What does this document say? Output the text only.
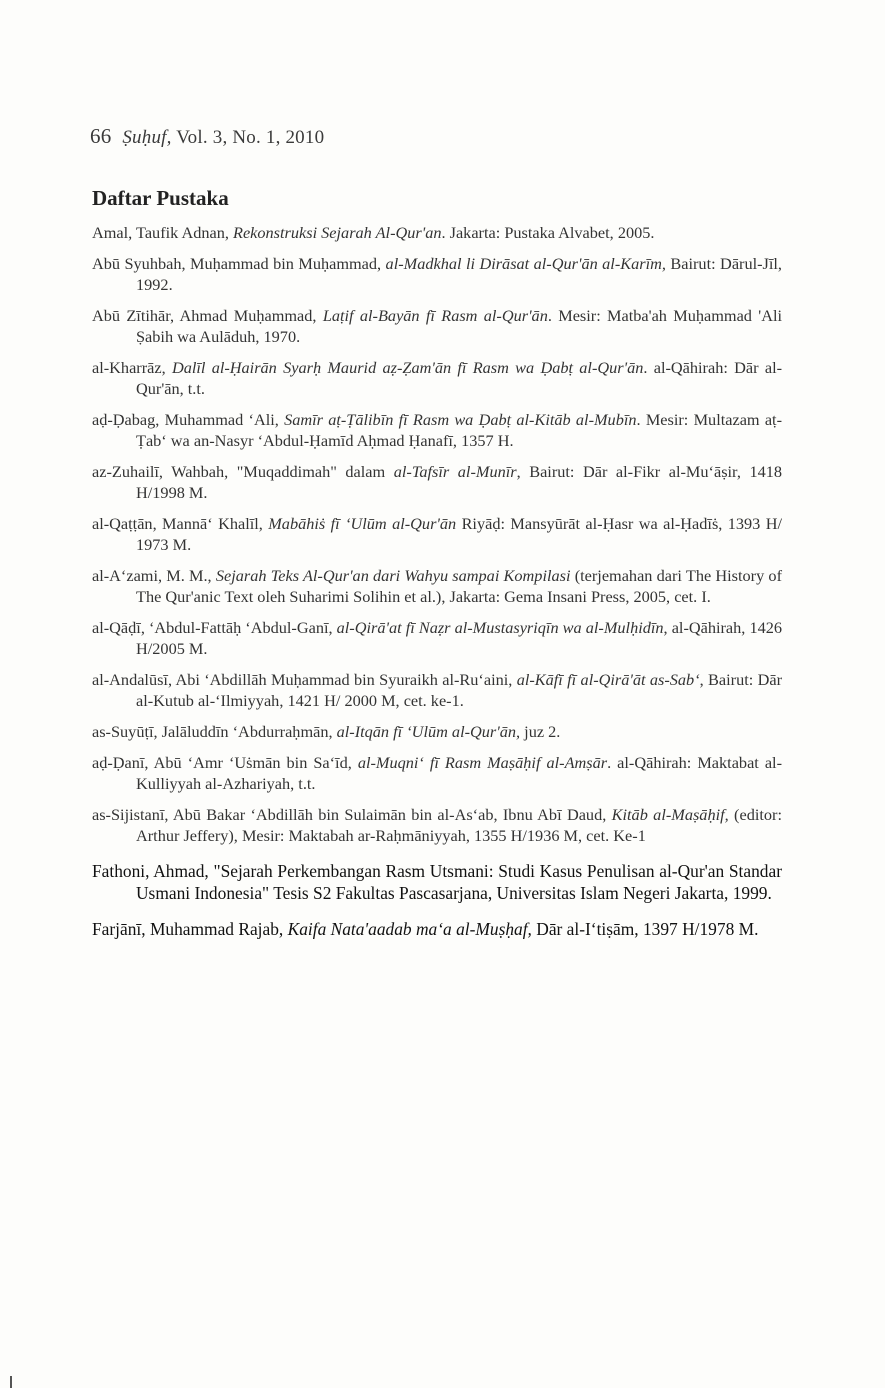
66 Ṣuḥuf, Vol. 3, No. 1, 2010
Daftar Pustaka
Amal, Taufik Adnan, Rekonstruksi Sejarah Al-Qur'an. Jakarta: Pustaka Alvabet, 2005.
Abū Syuhbah, Muḥammad bin Muḥammad, al-Madkhal li Dirāsat al-Qur'ān al-Karīm, Bairut: Dārul-Jīl, 1992.
Abū Zītihār, Ahmad Muḥammad, Laṭif al-Bayān fī Rasm al-Qur'ān. Mesir: Matba'ah Muḥammad 'Ali Ṣabih wa Aulāduh, 1970.
al-Kharrāz, Dalīl al-Ḥairān Syarḥ Maurid aẓ-Ẓam'ān fī Rasm wa Ḍabṭ al-Qur'ān. al-Qāhirah: Dār al-Qur'ān, t.t.
aḍ-Ḍabag, Muhammad ‘Ali, Samīr aṭ-Ṭālibīn fī Rasm wa Ḍabṭ al-Kitāb al-Mubīn. Mesir: Multazam aṭ-Ṭab‘ wa an-Nasyr ‘Abdul-Ḥamīd Aḥmad Ḥanafī, 1357 H.
az-Zuhailī, Wahbah, "Muqaddimah" dalam al-Tafsīr al-Munīr, Bairut: Dār al-Fikr al-Mu‘āṣir, 1418 H/1998 M.
al-Qaṭṭān, Mannā‘ Khalīl, Mabāhiṡ fī ‘Ulūm al-Qur'ān Riyāḍ: Mansyūrāt al-Ḥasr wa al-Ḥadīṡ, 1393 H/ 1973 M.
al-A‘zami, M. M., Sejarah Teks Al-Qur'an dari Wahyu sampai Kompilasi (terjemahan dari The History of The Qur'anic Text oleh Suharimi Solihin et al.), Jakarta: Gema Insani Press, 2005, cet. I.
al-Qāḍī, ‘Abdul-Fattāḥ ‘Abdul-Ganī, al-Qirā'at fī Naẓr al-Mustasyriqīn wa al-Mulḥidīn, al-Qāhirah, 1426 H/2005 M.
al-Andalūsī, Abi ‘Abdillāh Muḥammad bin Syuraikh al-Ru‘aini, al-Kāfī fī al-Qirā'āt as-Sab‘, Bairut: Dār al-Kutub al-‘Ilmiyyah, 1421 H/ 2000 M, cet. ke-1.
as-Suyūṭī, Jalāluddīn ‘Abdurraḥmān, al-Itqān fī ‘Ulūm al-Qur'ān, juz 2.
aḍ-Ḍanī, Abū ‘Amr ‘Uṡmān bin Sa‘īd, al-Muqni‘ fī Rasm Maṣāḥif al-Amṣār. al-Qāhirah: Maktabat al-Kulliyyah al-Azhariyah, t.t.
as-Sijistanī, Abū Bakar ‘Abdillāh bin Sulaimān bin al-As‘ab, Ibnu Abī Daud, Kitāb al-Maṣāḥif, (editor: Arthur Jeffery), Mesir: Maktabah ar-Raḥmāniyyah, 1355 H/1936 M, cet. Ke-1
Fathoni, Ahmad, "Sejarah Perkembangan Rasm Utsmani: Studi Kasus Penulisan al-Qur'an Standar Usmani Indonesia" Tesis S2 Fakultas Pascasarjana, Universitas Islam Negeri Jakarta, 1999.
Farjānī, Muhammad Rajab, Kaifa Nata'aadab ma‘a al-Muṣḥaf, Dār al-I‘tiṣām, 1397 H/1978 M.
